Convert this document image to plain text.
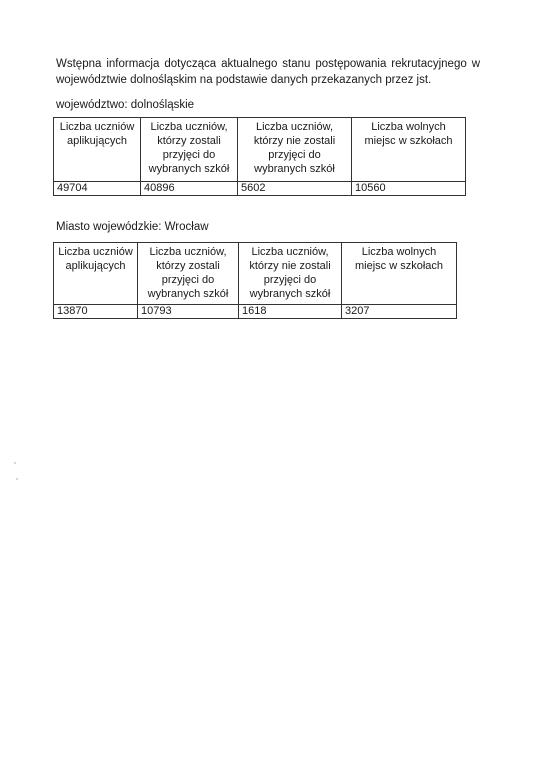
Wstępna informacja dotycząca aktualnego stanu postępowania rekrutacyjnego w województwie dolnośląskim na podstawie danych przekazanych przez jst.
województwo: dolnośląskie
Liczba uczniów aplikujących	Liczba uczniów, którzy zostali przyjęci do wybranych szkół	Liczba uczniów, którzy nie zostali przyjęci do wybranych szkół	Liczba wolnych miejsc w szkołach
49704	40896	5602	10560
Miasto wojewódzkie: Wrocław
Liczba uczniów aplikujących	Liczba uczniów, którzy zostali przyjęci do wybranych szkół	Liczba uczniów, którzy nie zostali przyjęci do wybranych szkół	Liczba wolnych miejsc w szkołach
13870	10793	1618	3207
